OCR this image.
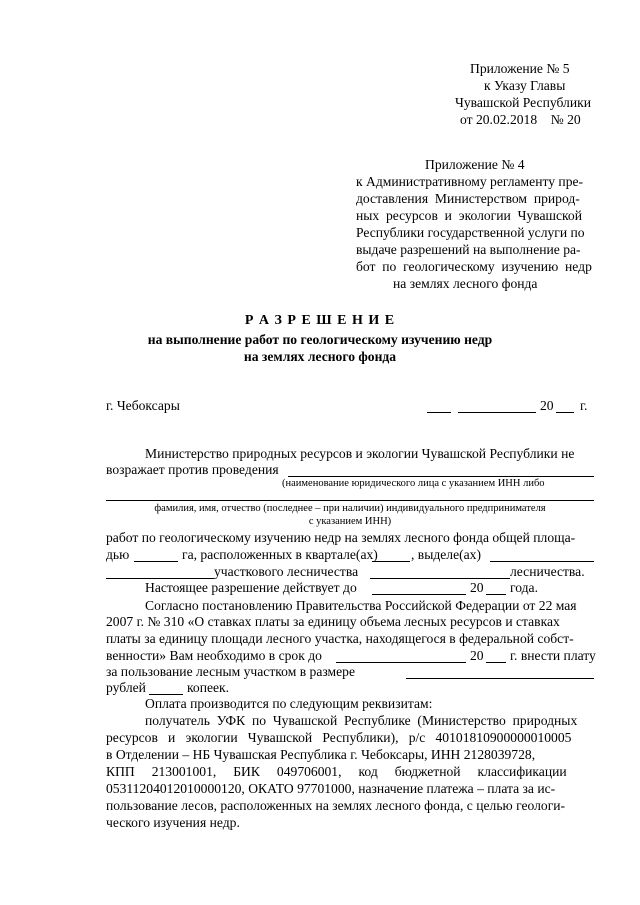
Приложение № 5
к Указу Главы
Чувашской Республики
от 20.02.2018    № 20
Приложение № 4
к Административному регламенту пре-
доставления  Министерством  природ-
ных  ресурсов  и  экологии  Чувашской
Республики государственной услуги по
выдаче разрешений на выполнение ра-
бот  по  геологическому  изучению  недр
на землях лесного фонда
Р А З Р Е Ш Е Н И Е
на выполнение работ по геологическому изучению недр
на землях лесного фонда
г. Чебоксары	20 г.
Министерство природных ресурсов и экологии Чувашской Республики не
возражает против проведения
(наименование юридического лица с указанием ИНН либо
фамилия, имя, отчество (последнее – при наличии) индивидуального предпринимателя
с указанием ИНН)
работ по геологическому изучению недр на землях лесного фонда общей площа-
дью	га, расположенных в квартале(ах) , выделе(ах)
участкового лесничества	лесничества.
Настоящее разрешение действует до	20 года.
Согласно постановлению Правительства Российской Федерации от 22 мая
2007 г. № 310 «О ставках платы за единицу объема лесных ресурсов и ставках
платы за единицу площади лесного участка, находящегося в федеральной собст-
венности» Вам необходимо в срок до	20 г. внести плату
за пользование лесным участком в размере
рублей	копеек.
Оплата производится по следующим реквизитам:
получатель  УФК  по  Чувашской  Республике  (Министерство  природных
ресурсов   и   экологии   Чувашской   Республики),   р/с   40101810900000010005
в Отделении – НБ Чувашская Республика г. Чебоксары, ИНН 2128039728,
КПП     213001001,     БИК     049706001,     код     бюджетной     классификации
05311204012010000120, ОКАТО 97701000, назначение платежа – плата за ис-
пользование лесов, расположенных на землях лесного фонда, с целью геологи-
ческого изучения недр.
